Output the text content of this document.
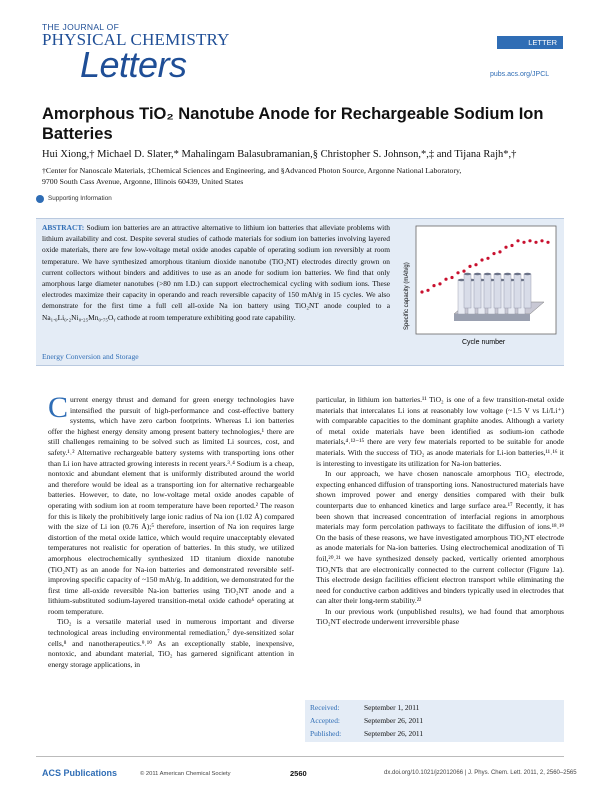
THE JOURNAL OF
PHYSICAL CHEMISTRY
Letters
LETTER
pubs.acs.org/JPCL
Amorphous TiO₂ Nanotube Anode for Rechargeable Sodium Ion Batteries
Hui Xiong,† Michael D. Slater,* Mahalingam Balasubramanian,§ Christopher S. Johnson,*,‡ and Tijana Rajh*,†
†Center for Nanoscale Materials, ‡Chemical Sciences and Engineering, and §Advanced Photon Source, Argonne National Laboratory,
9700 South Cass Avenue, Argonne, Illinois 60439, United States
Supporting Information
ABSTRACT: Sodium ion batteries are an attractive alternative to lithium ion batteries that alleviate problems with lithium availability and cost. Despite several studies of cathode materials for sodium ion batteries involving layered oxide materials, there are few low-voltage metal oxide anodes capable of operating sodium ion reversibly at room temperature. We have synthesized amorphous titanium dioxide nanotube (TiO₂NT) electrodes directly grown on current collectors without binders and additives to use as an anode for sodium ion batteries. We find that only amorphous large diameter nanotubes (>80 nm I.D.) can support electrochemical cycling with sodium ions. These electrodes maximize their capacity in operando and reach reversible capacity of 150 mAh/g in 15 cycles. We also demonstrate for the first time a full cell all-oxide Na ion battery using TiO₂NT anode coupled to a Na₁.₀Li₀.₂Ni₀.₂₅Mn₀.₇₅Oᵧ cathode at room temperature exhibiting good rate capability.
Energy Conversion and Storage
Specific capacity (mAh/g)
Cycle number

Current energy thrust and demand for green energy technologies have intensified the pursuit of high-performance and cost-effective battery systems, which have zero carbon footprints. Whereas Li ion batteries offer the highest energy density among present battery technologies,¹ there are still challenges remaining to be solved such as limited Li sources, cost, and safety.¹˒² Alternative rechargeable battery systems with transporting ions other than Li ion have attracted growing interests in recent years.³˒⁴ Sodium is a cheap, nontoxic and abundant element that is uniformly distributed around the world and therefore would be ideal as a transporting ion for alternative rechargeable batteries. However, to date, no low-voltage metal oxide anodes capable of operating with sodium ion at room temperature have been reported.² The reason for this is likely the prohibitively large ionic radius of Na ion (1.02 Å) compared with the size of Li ion (0.76 Å);⁵ therefore, insertion of Na ion requires large distortion of the metal oxide lattice, which would require unacceptably elevated temperatures not realistic for operation of batteries. In this study, we utilized amorphous electrochemically synthesized 1D titanium dioxide nanotube (TiO₂NT) as an anode for Na-ion batteries and demonstrated reversible self-improving specific capacity of ~150 mAh/g. In addition, we demonstrated for the first time all-oxide reversible Na-ion batteries using TiO₂NT anode and a lithium-substituted sodium-layered transition-metal oxide cathode⁶ operating at room temperature.

TiO₂ is a versatile material used in numerous important and diverse technological areas including environmental remediation,⁷ dye-sensitized solar cells,⁸ and nanotherapeutics.⁹˒¹⁰ As an exceptionally stable, inexpensive, nontoxic, and abundant material, TiO₂ has garnered significant attention in energy storage applications, in

particular, in lithium ion batteries.¹¹ TiO₂ is one of a few transition-metal oxide materials that intercalates Li ions at reasonably low voltage (~1.5 V vs Li/Li⁺) with comparable capacities to the dominant graphite anodes. Although a variety of metal oxide materials have been identified as sodium-ion cathode materials,⁴˒¹²⁻¹⁵ there are very few materials reported to be suitable for anode materials. With the success of TiO₂ as anode materials for Li-ion batteries,¹¹˒¹⁶ it is interesting to investigate its utilization for Na-ion batteries.

In our approach, we have chosen nanoscale amorphous TiO₂ electrode, expecting enhanced diffusion of transporting ions. Nanostructured materials have shown improved power and energy densities compared with their bulk counterparts due to enhanced kinetics and large surface area.¹⁷ Recently, it has been shown that increased concentration of interfacial regions in amorphous materials may form percolation pathways to facilitate the diffusion of ions.¹⁸˒¹⁹ On the basis of these reasons, we have investigated amorphous TiO₂NT electrode as anode materials for Na-ion batteries. Using electrochemical anodization of Ti foil,²⁰˒²¹ we have synthesized densely packed, vertically oriented amorphous TiO₂NTs that are electronically connected to the current collector (Figure 1a). This electrode design facilities efficient electron transport while eliminating the need for conductive carbon additives and binders typically used in electrodes that can alter their long-term stability.²²

In our previous work (unpublished results), we had found that amorphous TiO₂NT electrode underwent irreversible phase

Received:	September 1, 2011
Accepted:	September 26, 2011
Published:	September 26, 2011
ACS Publications	© 2011 American Chemical Society	2560	dx.doi.org/10.1021/jz2012066 | J. Phys. Chem. Lett. 2011, 2, 2560–2565
